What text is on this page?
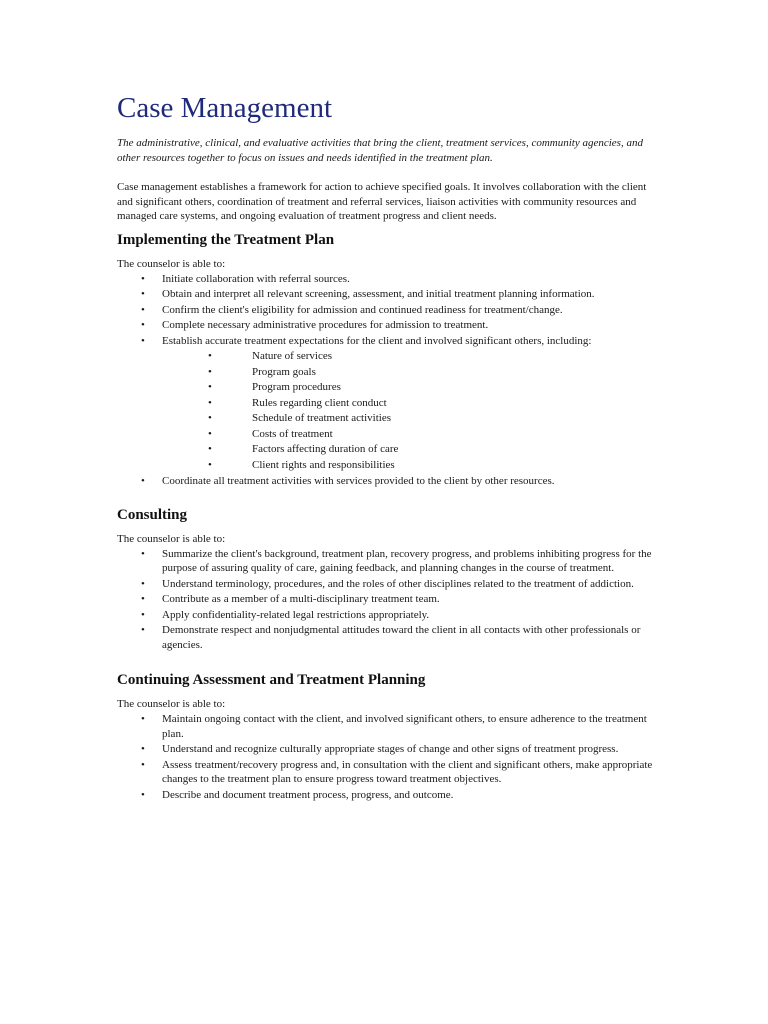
Case Management

The administrative, clinical, and evaluative activities that bring the client, treatment services, community agencies, and other resources together to focus on issues and needs identified in the treatment plan.

Case management establishes a framework for action to achieve specified goals. It involves collaboration with the client and significant others, coordination of treatment and referral services, liaison activities with community resources and managed care systems, and ongoing evaluation of treatment progress and client needs.

Implementing the Treatment Plan

The counselor is able to:

• Initiate collaboration with referral sources.
• Obtain and interpret all relevant screening, assessment, and initial treatment planning information.
• Confirm the client's eligibility for admission and continued readiness for treatment/change.
• Complete necessary administrative procedures for admission to treatment.
• Establish accurate treatment expectations for the client and involved significant others, including:
•	Nature of services
•	Program goals
•	Program procedures
•	Rules regarding client conduct
•	Schedule of treatment activities
•	Costs of treatment
•	Factors affecting duration of care
•	Client rights and responsibilities
• Coordinate all treatment activities with services provided to the client by other resources.
Consulting

The counselor is able to:

• Summarize the client's background, treatment plan, recovery progress, and problems inhibiting progress for the purpose of assuring quality of care, gaining feedback, and planning changes in the course of treatment.
• Understand terminology, procedures, and the roles of other disciplines related to the treatment of addiction.
• Contribute as a member of a multi-disciplinary treatment team.
• Apply confidentiality-related legal restrictions appropriately.
• Demonstrate respect and nonjudgmental attitudes toward the client in all contacts with other professionals or agencies.
Continuing Assessment and Treatment Planning

The counselor is able to:

• Maintain ongoing contact with the client, and involved significant others, to ensure adherence to the treatment plan.
• Understand and recognize culturally appropriate stages of change and other signs of treatment progress.
• Assess treatment/recovery progress and, in consultation with the client and significant others, make appropriate changes to the treatment plan to ensure progress toward treatment objectives.
• Describe and document treatment process, progress, and outcome.
